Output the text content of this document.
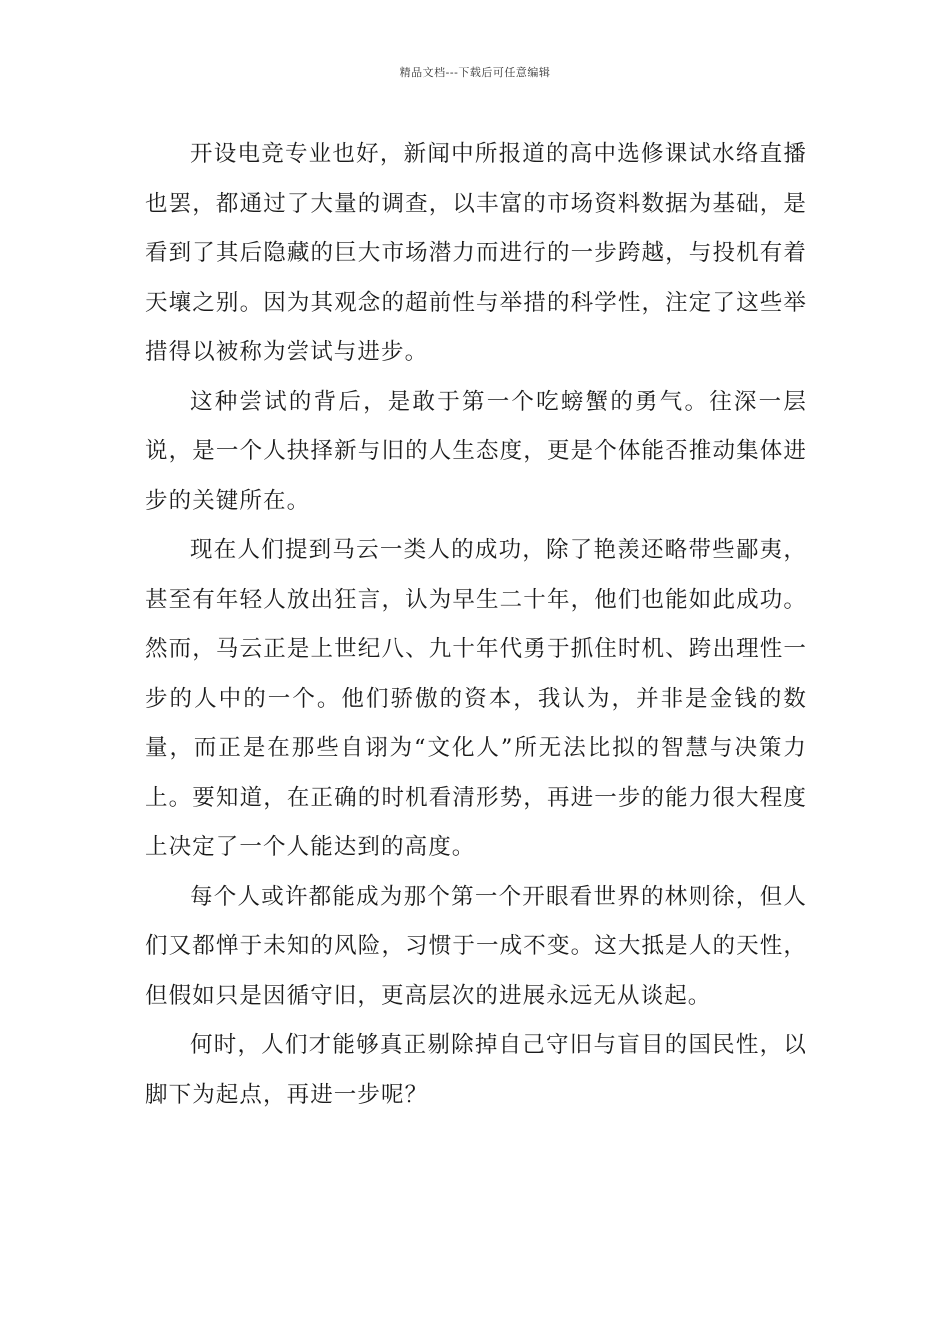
精品文档---下载后可任意编辑

开设电竞专业也好，新闻中所报道的高中选修课试水络直播也罢，都通过了大量的调查，以丰富的市场资料数据为基础，是看到了其后隐藏的巨大市场潜力而进行的一步跨越，与投机有着天壤之别。因为其观念的超前性与举措的科学性，注定了这些举措得以被称为尝试与进步。

这种尝试的背后，是敢于第一个吃螃蟹的勇气。往深一层说，是一个人抉择新与旧的人生态度，更是个体能否推动集体进步的关键所在。

现在人们提到马云一类人的成功，除了艳羡还略带些鄙夷，甚至有年轻人放出狂言，认为早生二十年，他们也能如此成功。然而，马云正是上世纪八、九十年代勇于抓住时机、跨出理性一步的人中的一个。他们骄傲的资本，我认为，并非是金钱的数量，而正是在那些自诩为“文化人”所无法比拟的智慧与决策力上。要知道，在正确的时机看清形势，再进一步的能力很大程度上决定了一个人能达到的高度。

每个人或许都能成为那个第一个开眼看世界的林则徐，但人们又都惮于未知的风险，习惯于一成不变。这大抵是人的天性，但假如只是因循守旧，更高层次的进展永远无从谈起。

何时，人们才能够真正剔除掉自己守旧与盲目的国民性，以脚下为起点，再进一步呢？
